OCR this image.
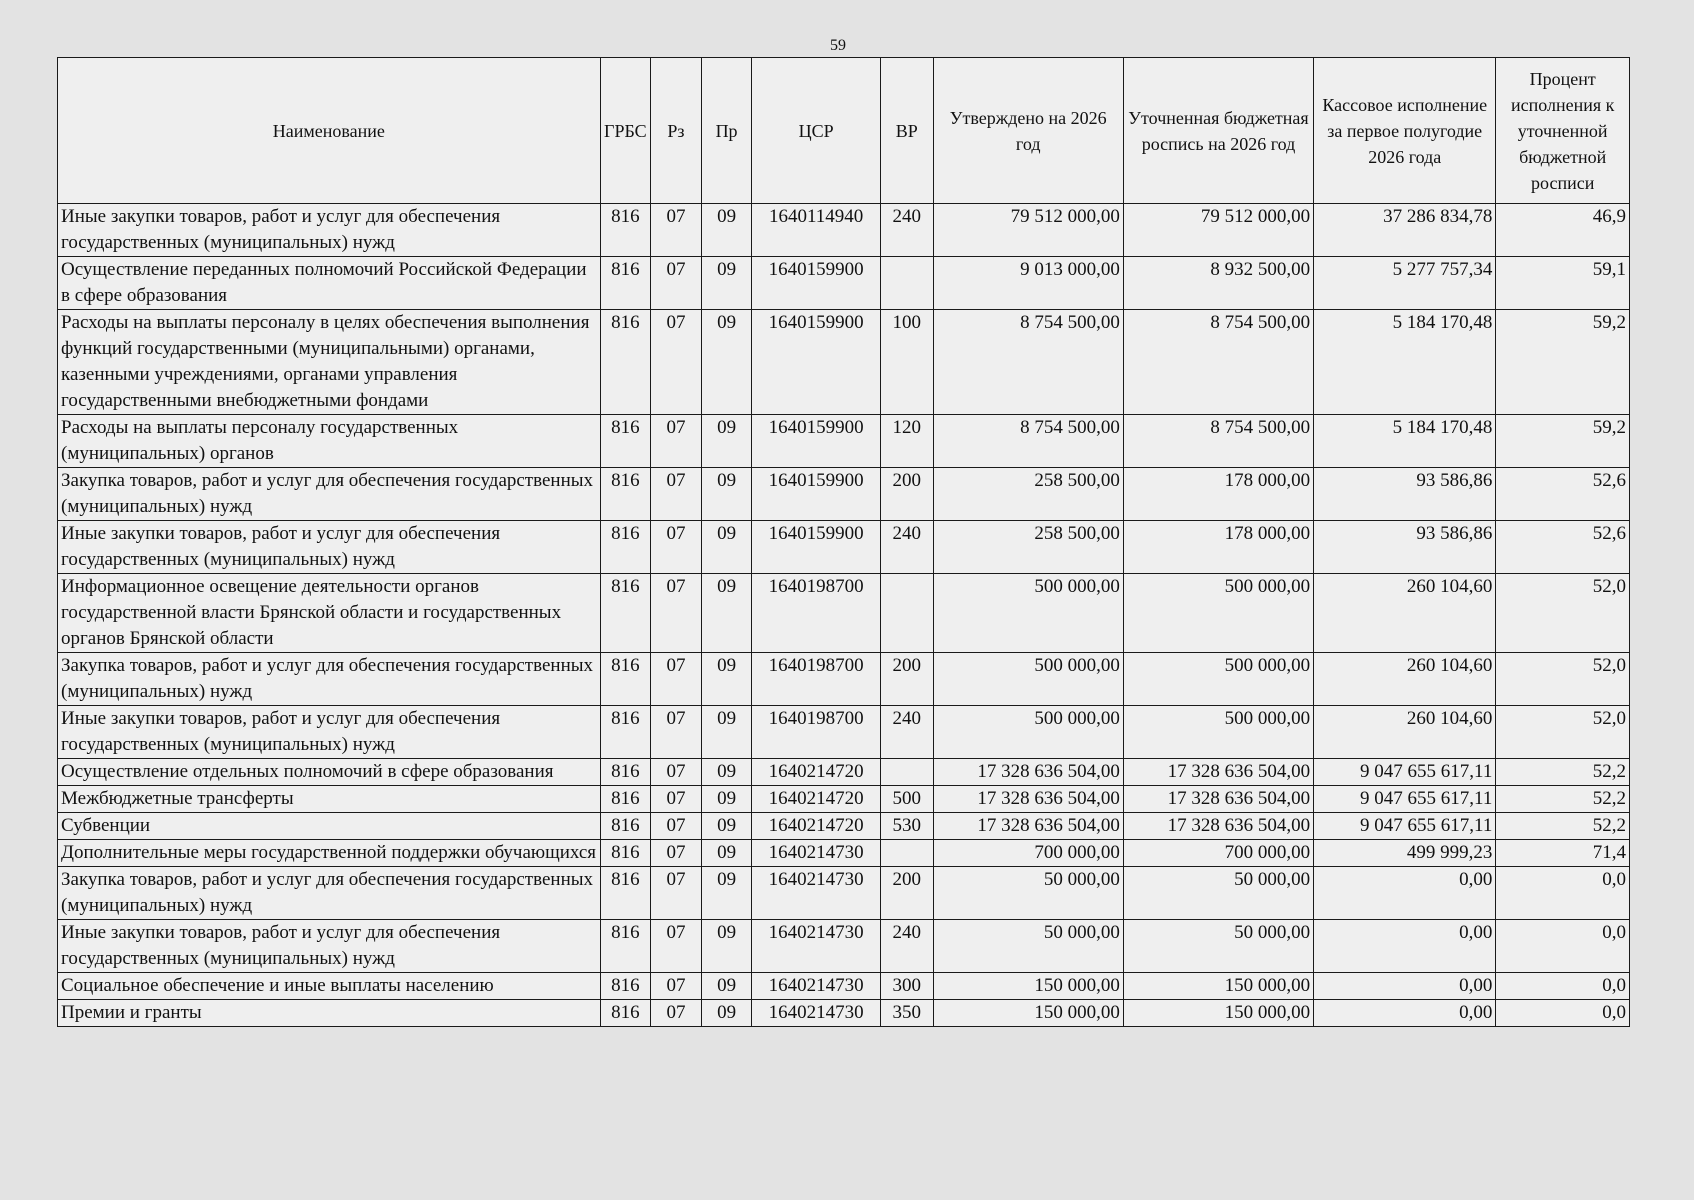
59
Наименование	ГРБС	Рз	Пр	ЦСР	ВР	Утверждено на 2026 год	Уточненная бюджетная роспись на 2026 год	Кассовое исполнение за первое полугодие 2026 года	Процент исполнения к уточненной бюджетной росписи
Иные закупки товаров, работ и услуг для обеспечения государственных (муниципальных) нужд	816	07	09	1640114940	240	79 512 000,00	79 512 000,00	37 286 834,78	46,9
Осуществление переданных полномочий Российской Федерации в сфере образования	816	07	09	1640159900		9 013 000,00	8 932 500,00	5 277 757,34	59,1
Расходы на выплаты персоналу в целях обеспечения выполнения функций государственными (муниципальными) органами, казенными учреждениями, органами управления государственными внебюджетными фондами	816	07	09	1640159900	100	8 754 500,00	8 754 500,00	5 184 170,48	59,2
Расходы на выплаты персоналу государственных (муниципальных) органов	816	07	09	1640159900	120	8 754 500,00	8 754 500,00	5 184 170,48	59,2
Закупка товаров, работ и услуг для обеспечения государственных (муниципальных) нужд	816	07	09	1640159900	200	258 500,00	178 000,00	93 586,86	52,6
Иные закупки товаров, работ и услуг для обеспечения государственных (муниципальных) нужд	816	07	09	1640159900	240	258 500,00	178 000,00	93 586,86	52,6
Информационное освещение деятельности органов государственной власти Брянской области и государственных органов Брянской области	816	07	09	1640198700		500 000,00	500 000,00	260 104,60	52,0
Закупка товаров, работ и услуг для обеспечения государственных (муниципальных) нужд	816	07	09	1640198700	200	500 000,00	500 000,00	260 104,60	52,0
Иные закупки товаров, работ и услуг для обеспечения государственных (муниципальных) нужд	816	07	09	1640198700	240	500 000,00	500 000,00	260 104,60	52,0
Осуществление отдельных полномочий в сфере образования	816	07	09	1640214720		17 328 636 504,00	17 328 636 504,00	9 047 655 617,11	52,2
Межбюджетные трансферты	816	07	09	1640214720	500	17 328 636 504,00	17 328 636 504,00	9 047 655 617,11	52,2
Субвенции	816	07	09	1640214720	530	17 328 636 504,00	17 328 636 504,00	9 047 655 617,11	52,2
Дополнительные меры государственной поддержки обучающихся	816	07	09	1640214730		700 000,00	700 000,00	499 999,23	71,4
Закупка товаров, работ и услуг для обеспечения государственных (муниципальных) нужд	816	07	09	1640214730	200	50 000,00	50 000,00	0,00	0,0
Иные закупки товаров, работ и услуг для обеспечения государственных (муниципальных) нужд	816	07	09	1640214730	240	50 000,00	50 000,00	0,00	0,0
Социальное обеспечение и иные выплаты населению	816	07	09	1640214730	300	150 000,00	150 000,00	0,00	0,0
Премии и гранты	816	07	09	1640214730	350	150 000,00	150 000,00	0,00	0,0
